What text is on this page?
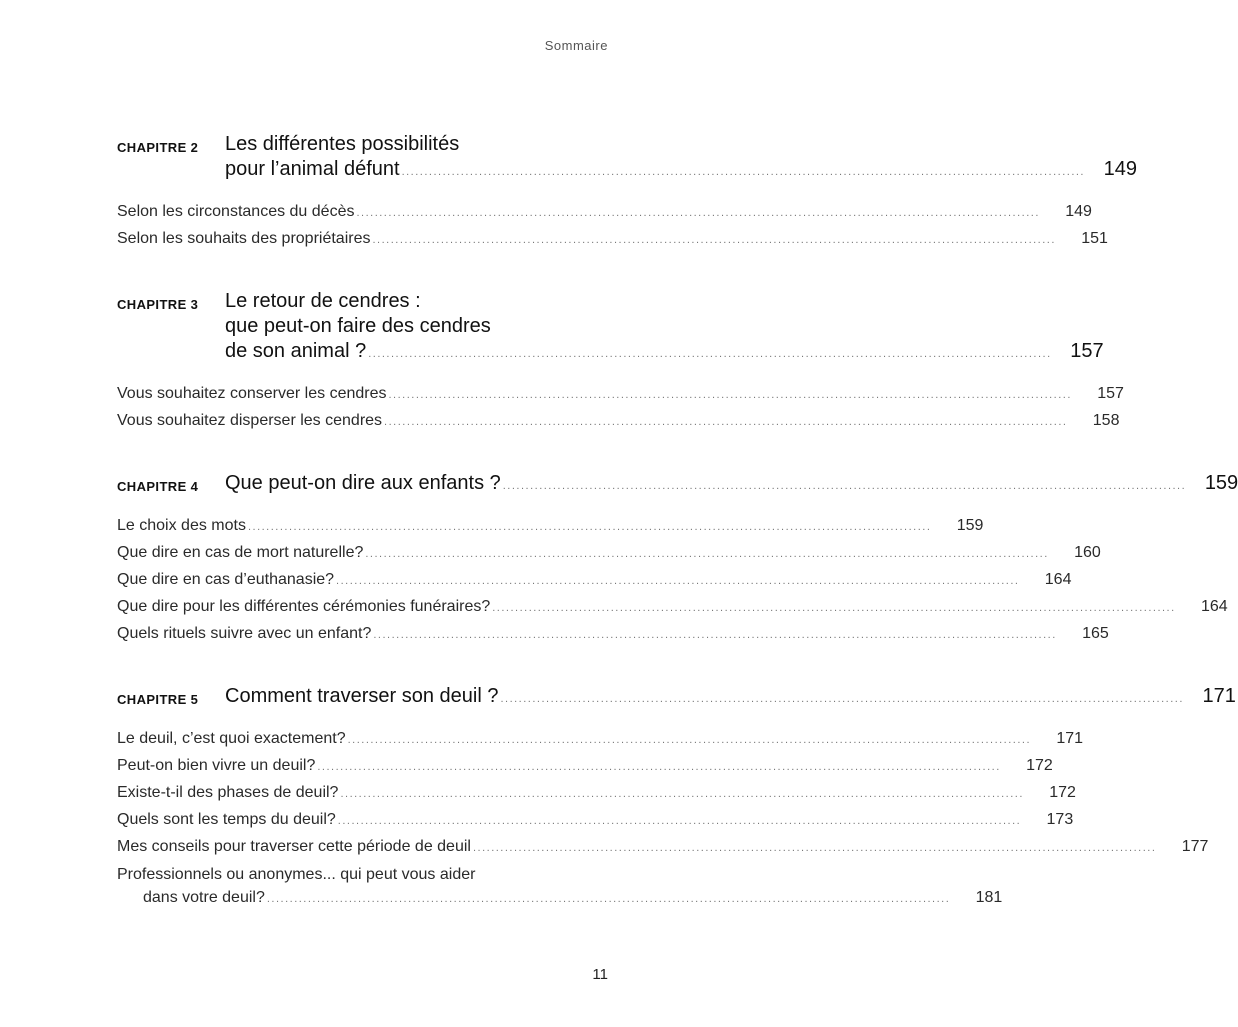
Sommaire
CHAPITRE 2	Les différentes possibilités
pour l’animal défunt .....	149
Selon les circonstances du décès .....	149
Selon les souhaits des propriétaires .....	151
CHAPITRE 3	Le retour de cendres :
que peut-on faire des cendres
de son animal ? .....	157
Vous souhaitez conserver les cendres .....	157
Vous souhaitez disperser les cendres .....	158
CHAPITRE 4	Que peut-on dire aux enfants ? .....	159
Le choix des mots .....	159
Que dire en cas de mort naturelle? .....	160
Que dire en cas d’euthanasie? .....	164
Que dire pour les différentes cérémonies funéraires? .....	164
Quels rituels suivre avec un enfant? .....	165
CHAPITRE 5	Comment traverser son deuil ? .....	171
Le deuil, c’est quoi exactement? .....	171
Peut-on bien vivre un deuil? .....	172
Existe-t-il des phases de deuil? .....	172
Quels sont les temps du deuil? .....	173
Mes conseils pour traverser cette période de deuil .....	177
Professionnels ou anonymes... qui peut vous aider
dans votre deuil? .....	181
11
